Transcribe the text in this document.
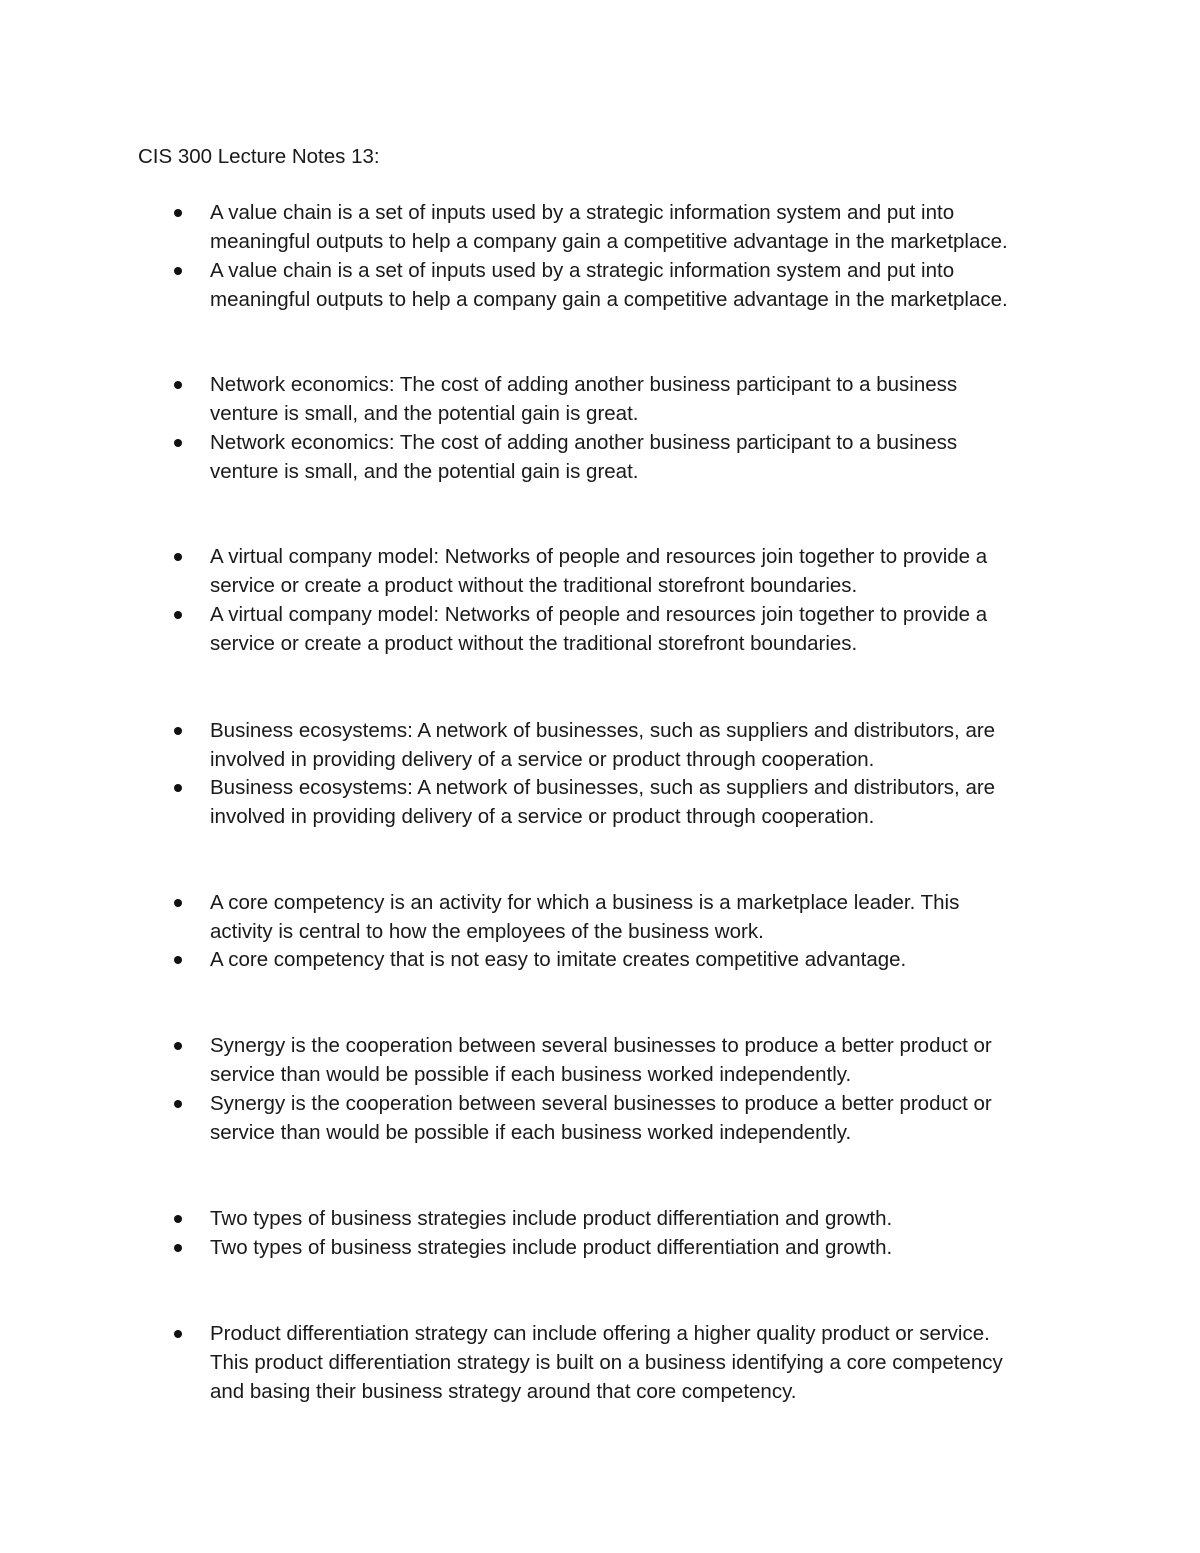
CIS 300 Lecture Notes 13:
A value chain is a set of inputs used by a strategic information system and put into
meaningful outputs to help a company gain a competitive advantage in the marketplace.
A value chain is a set of inputs used by a strategic information system and put into
meaningful outputs to help a company gain a competitive advantage in the marketplace.
Network economics: The cost of adding another business participant to a business
venture is small, and the potential gain is great.
Network economics: The cost of adding another business participant to a business
venture is small, and the potential gain is great.
A virtual company model: Networks of people and resources join together to provide a
service or create a product without the traditional storefront boundaries.
A virtual company model: Networks of people and resources join together to provide a
service or create a product without the traditional storefront boundaries.
Business ecosystems: A network of businesses, such as suppliers and distributors, are
involved in providing delivery of a service or product through cooperation.
Business ecosystems: A network of businesses, such as suppliers and distributors, are
involved in providing delivery of a service or product through cooperation.
A core competency is an activity for which a business is a marketplace leader. This
activity is central to how the employees of the business work.
A core competency that is not easy to imitate creates competitive advantage.
Synergy is the cooperation between several businesses to produce a better product or
service than would be possible if each business worked independently.
Synergy is the cooperation between several businesses to produce a better product or
service than would be possible if each business worked independently.
Two types of business strategies include product differentiation and growth.
Two types of business strategies include product differentiation and growth.
Product differentiation strategy can include offering a higher quality product or service.
This product differentiation strategy is built on a business identifying a core competency
and basing their business strategy around that core competency.
